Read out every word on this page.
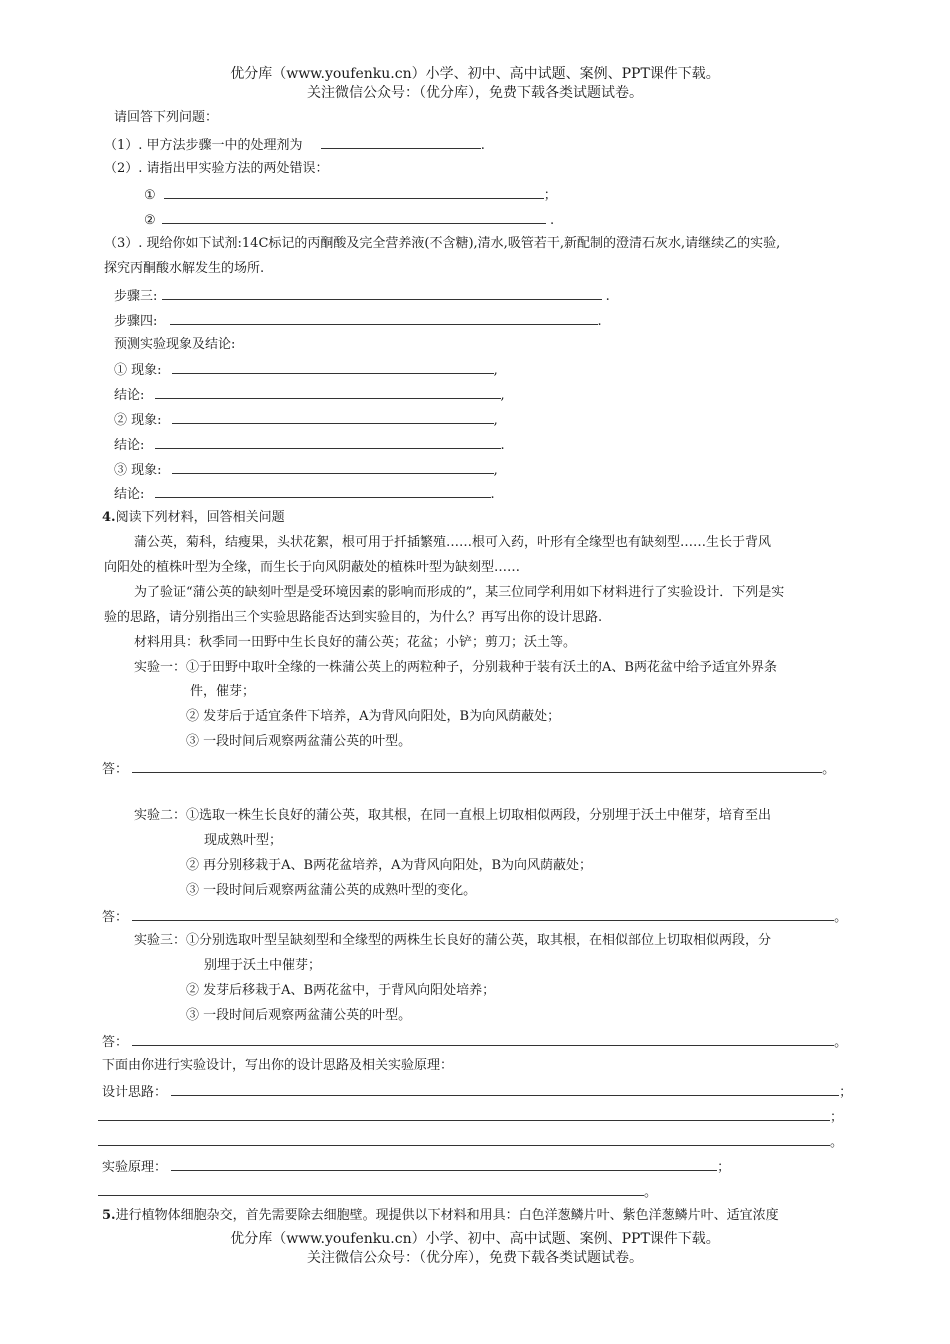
优分库（www.youfenku.cn）小学、初中、高中试题、案例、PPT课件下载。
关注微信公众号：（优分库），免费下载各类试题试卷。
请回答下列问题：
（1）. 甲方法步骤一中的处理剂为	.
（2）. 请指出甲实验方法的两处错误：
①	；
②	.
（3）. 现给你如下试剂:14C标记的丙酮酸及完全营养液(不含糖),清水,吸管若干,新配制的澄清石灰水,请继续乙的实验,
探究丙酮酸水解发生的场所.
步骤三:	.
步骤四:	.
预测实验现象及结论:
① 现象:	,
结论:	,
② 现象:	,
结论:	.
③ 现象:	,
结论:	.
4.阅读下列材料，回答相关问题
蒲公英，菊科，结瘦果，头状花絮，根可用于扦插繁殖……根可入药，叶形有全缘型也有缺刻型……生长于背风
向阳处的植株叶型为全缘，而生长于向风阴蔽处的植株叶型为缺刻型……
为了验证“蒲公英的缺刻叶型是受环境因素的影响而形成的”，某三位同学利用如下材料进行了实验设计．下列是实
验的思路，请分别指出三个实验思路能否达到实验目的，为什么？再写出你的设计思路.
材料用具：秋季同一田野中生长良好的蒲公英；花盆；小铲；剪刀；沃土等。
实验一：①于田野中取叶全缘的一株蒲公英上的两粒种子，分别栽种于装有沃土的A、B两花盆中给予适宜外界条
件，催芽；
② 发芽后于适宜条件下培养，A为背风向阳处，B为向风荫蔽处；
③ 一段时间后观察两盆蒲公英的叶型。
答：	。
实验二：①选取一株生长良好的蒲公英，取其根，在同一直根上切取相似两段，分别埋于沃土中催芽，培育至出
现成熟叶型；
② 再分别移栽于A、B两花盆培养，A为背风向阳处，B为向风荫蔽处；
③ 一段时间后观察两盆蒲公英的成熟叶型的变化。
答：	。
实验三：①分别选取叶型呈缺刻型和全缘型的两株生长良好的蒲公英，取其根，在相似部位上切取相似两段，分
别埋于沃土中催芽；
② 发芽后移栽于A、B两花盆中，于背风向阳处培养；
③ 一段时间后观察两盆蒲公英的叶型。
答：	。
下面由你进行实验设计，写出你的设计思路及相关实验原理：
设计思路：	；
；
。
实验原理：	；
。
5.进行植物体细胞杂交，首先需要除去细胞壁。现提供以下材料和用具：白色洋葱鳞片叶、紫色洋葱鳞片叶、适宜浓度
优分库（www.youfenku.cn）小学、初中、高中试题、案例、PPT课件下载。
关注微信公众号：（优分库），免费下载各类试题试卷。
